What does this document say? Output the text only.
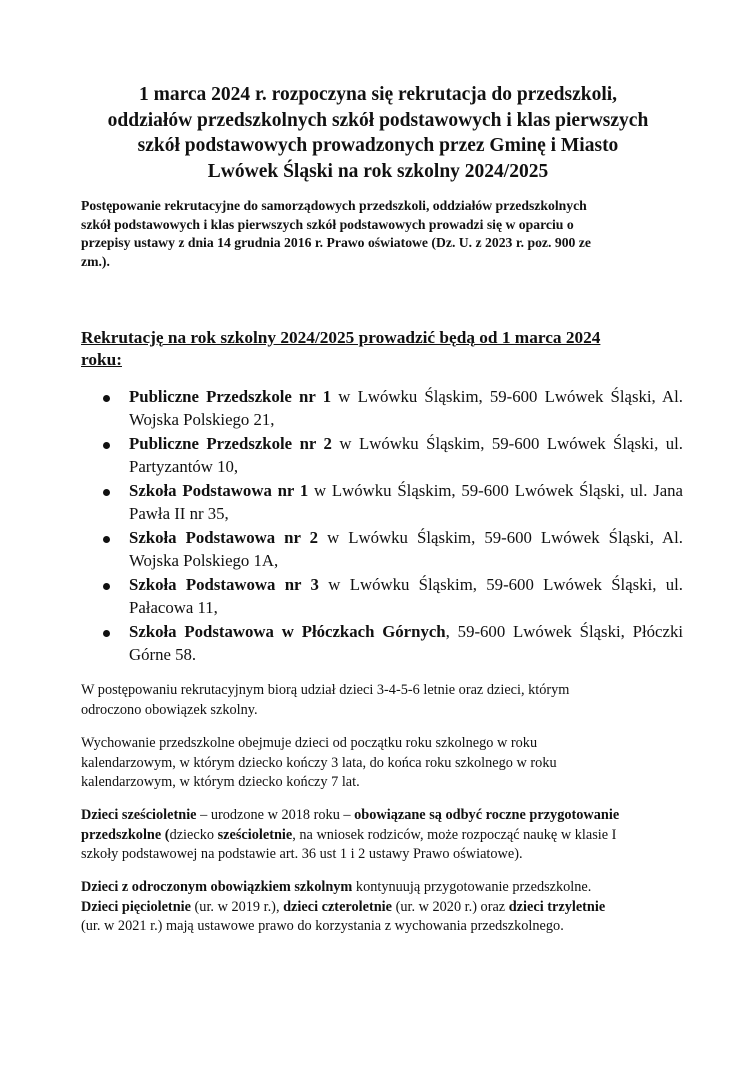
1 marca 2024 r. rozpoczyna się rekrutacja do przedszkoli,
oddziałów przedszkolnych szkół podstawowych i klas pierwszych
szkół podstawowych prowadzonych przez Gminę i Miasto
Lwówek Śląski na rok szkolny 2024/2025

Postępowanie rekrutacyjne do samorządowych przedszkoli, oddziałów przedszkolnych
szkół podstawowych i klas pierwszych szkół podstawowych prowadzi się w oparciu o
przepisy ustawy z dnia 14 grudnia 2016 r. Prawo oświatowe (Dz. U. z 2023 r. poz. 900 ze
zm.).

Rekrutację na rok szkolny 2024/2025 prowadzić będą od 1 marca 2024
roku:
Publiczne Przedszkole nr 1 w Lwówku Śląskim, 59-600 Lwówek Śląski, Al.
Wojska Polskiego 21,
Publiczne Przedszkole nr 2 w Lwówku Śląskim, 59-600 Lwówek Śląski, ul.
Partyzantów 10,
Szkoła Podstawowa nr 1 w Lwówku Śląskim, 59-600 Lwówek Śląski, ul. Jana
Pawła II nr 35,
Szkoła Podstawowa nr 2 w Lwówku Śląskim, 59-600 Lwówek Śląski, Al.
Wojska Polskiego 1A,
Szkoła Podstawowa nr 3 w Lwówku Śląskim, 59-600 Lwówek Śląski, ul.
Pałacowa 11,
Szkoła Podstawowa w Płóczkach Górnych, 59-600 Lwówek Śląski, Płóczki
Górne 58.

W postępowaniu rekrutacyjnym biorą udział dzieci 3-4-5-6 letnie oraz dzieci, którym
odroczono obowiązek szkolny.

Wychowanie przedszkolne obejmuje dzieci od początku roku szkolnego w roku
kalendarzowym, w którym dziecko kończy 3 lata, do końca roku szkolnego w roku
kalendarzowym, w którym dziecko kończy 7 lat.

Dzieci sześcioletnie – urodzone w 2018 roku – obowiązane są odbyć roczne przygotowanie
przedszkolne (dziecko sześcioletnie, na wniosek rodziców, może rozpocząć naukę w klasie I
szkoły podstawowej na podstawie art. 36 ust 1 i 2 ustawy Prawo oświatowe).

Dzieci z odroczonym obowiązkiem szkolnym kontynuują przygotowanie przedszkolne.
Dzieci pięcioletnie (ur. w 2019 r.), dzieci czteroletnie (ur. w 2020 r.) oraz dzieci trzyletnie
(ur. w 2021 r.) mają ustawowe prawo do korzystania z wychowania przedszkolnego.
